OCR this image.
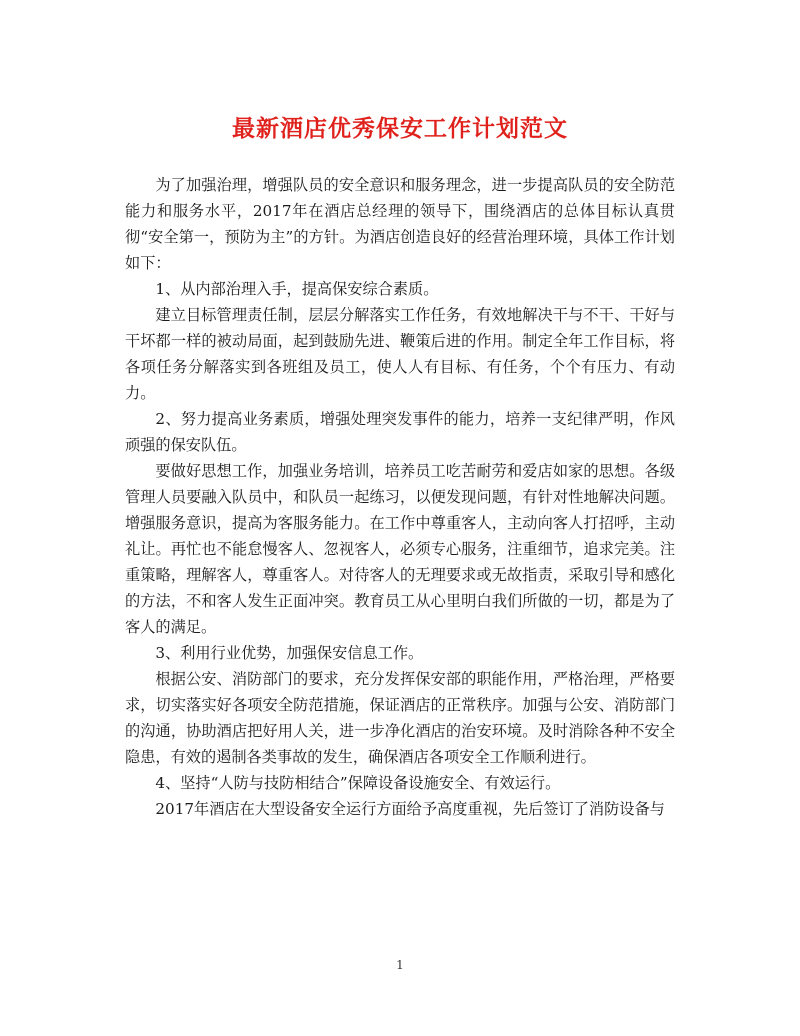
最新酒店优秀保安工作计划范文

为了加强治理，增强队员的安全意识和服务理念，进一步提高队员的安全防范能力和服务水平，2017年在酒店总经理的领导下，围绕酒店的总体目标认真贯彻“安全第一，预防为主”的方针。为酒店创造良好的经营治理环境，具体工作计划如下：

1、从内部治理入手，提高保安综合素质。

建立目标管理责任制，层层分解落实工作任务，有效地解决干与不干、干好与干坏都一样的被动局面，起到鼓励先进、鞭策后进的作用。制定全年工作目标，将各项任务分解落实到各班组及员工，使人人有目标、有任务，个个有压力、有动力。

2、努力提高业务素质，增强处理突发事件的能力，培养一支纪律严明，作风顽强的保安队伍。

要做好思想工作，加强业务培训，培养员工吃苦耐劳和爱店如家的思想。各级管理人员要融入队员中，和队员一起练习，以便发现问题，有针对性地解决问题。增强服务意识，提高为客服务能力。在工作中尊重客人，主动向客人打招呼，主动礼让。再忙也不能怠慢客人、忽视客人，必须专心服务，注重细节，追求完美。注重策略，理解客人，尊重客人。对待客人的无理要求或无故指责，采取引导和感化的方法，不和客人发生正面冲突。教育员工从心里明白我们所做的一切，都是为了客人的满足。

3、利用行业优势，加强保安信息工作。

根据公安、消防部门的要求，充分发挥保安部的职能作用，严格治理，严格要求，切实落实好各项安全防范措施，保证酒店的正常秩序。加强与公安、消防部门的沟通，协助酒店把好用人关，进一步净化酒店的治安环境。及时消除各种不安全隐患，有效的遏制各类事故的发生，确保酒店各项安全工作顺利进行。

4、坚持“人防与技防相结合”保障设备设施安全、有效运行。

2017年酒店在大型设备安全运行方面给予高度重视，先后签订了消防设备与

1
